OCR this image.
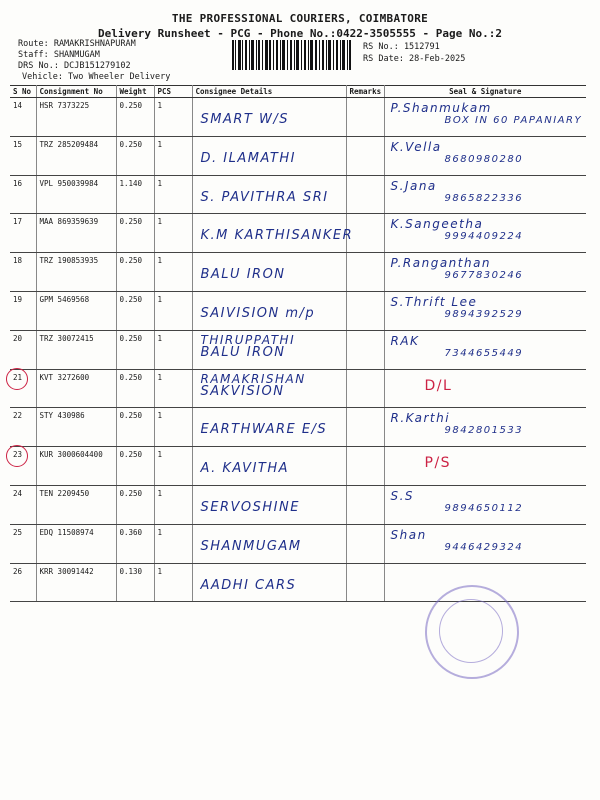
THE PROFESSIONAL COURIERS, COIMBATORE
Delivery Runsheet - PCG - Phone No.:0422-3505555 - Page No.:2
Route: RAMAKRISHNAPURAM
Staff: SHANMUGAM
DRS No.: DCJB151279102
Vehicle: Two Wheeler Delivery
RS No.: 1512791
RS Date: 28-Feb-2025
S No	Consignment No	Weight	PCS	Consignee Details	Remarks	Seal & Signature
14	HSR 7373225	0.250	1	SMART W/S		P.Shanmukam
BOX IN 60 PAPANIARY

15	TRZ 285209484	0.250	1	D. ILAMATHI		K.Vella
8680980280

16	VPL 950039984	1.140	1	S. PAVITHRA SRI		S.Jana
9865822336

17	MAA 869359639	0.250	1	K.M KARTHISANKER		K.Sangeetha
9994409224

18	TRZ 190853935	0.250	1	BALU IRON		P.Ranganthan
9677830246

19	GPM 5469568	0.250	1	SAIVISION m/p		S.Thrift Lee
9894392529

20	TRZ 30072415	0.250	1	THIRUPPATHI
BALU IRON		RAK
7344655449

21	KVT 3272600	0.250	1	RAMAKRISHAN
SAKVISION		D/L

22	STY 430986	0.250	1	EARTHWARE E/S		R.Karthi
9842801533

23	KUR 3000604400	0.250	1	A. KAVITHA		P/S

24	TEN 2209450	0.250	1	SERVOSHINE		S.S
9894650112

25	EDQ 11508974	0.360	1	SHANMUGAM		Shan
9446429324

26	KRR 30091442	0.130	1	AADHI CARS		
